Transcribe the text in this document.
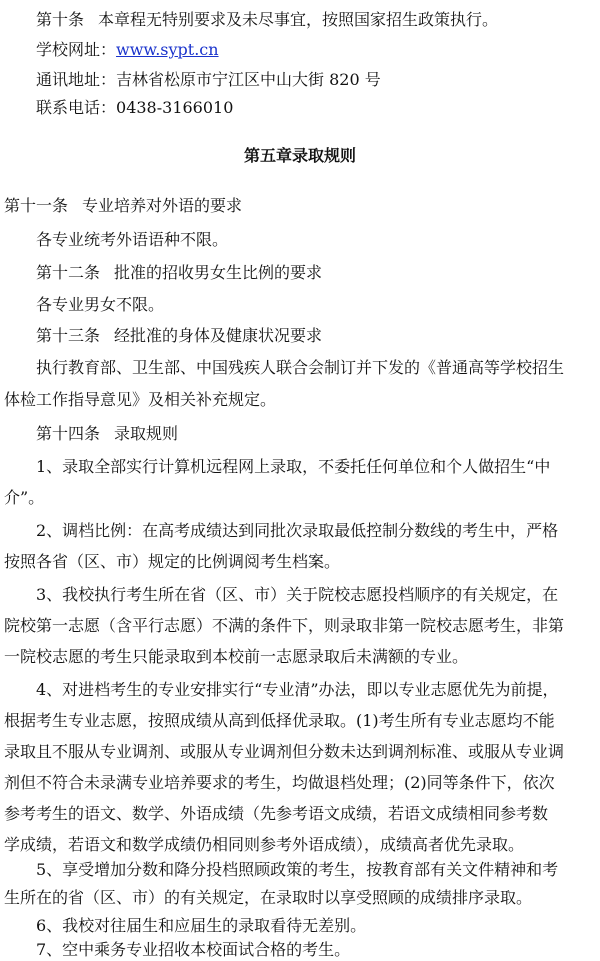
第十条 本章程无特别要求及未尽事宜，按照国家招生政策执行。
学校网址：www.sypt.cn
通讯地址：吉林省松原市宁江区中山大街 820 号
联系电话：0438-3166010
第五章录取规则
第十一条 专业培养对外语的要求
各专业统考外语语种不限。
第十二条 批准的招收男女生比例的要求
各专业男女不限。
第十三条 经批准的身体及健康状况要求
执行教育部、卫生部、中国残疾人联合会制订并下发的《普通高等学校招生
体检工作指导意见》及相关补充规定。
第十四条 录取规则
1、录取全部实行计算机远程网上录取，不委托任何单位和个人做招生“中
介”。
2、调档比例：在高考成绩达到同批次录取最低控制分数线的考生中，严格
按照各省（区、市）规定的比例调阅考生档案。
3、我校执行考生所在省（区、市）关于院校志愿投档顺序的有关规定，在
院校第一志愿（含平行志愿）不满的条件下，则录取非第一院校志愿考生，非第
一院校志愿的考生只能录取到本校前一志愿录取后未满额的专业。
4、对进档考生的专业安排实行“专业清”办法，即以专业志愿优先为前提，
根据考生专业志愿，按照成绩从高到低择优录取。(1)考生所有专业志愿均不能
录取且不服从专业调剂、或服从专业调剂但分数未达到调剂标准、或服从专业调
剂但不符合未录满专业培养要求的考生，均做退档处理；(2)同等条件下，依次
参考考生的语文、数学、外语成绩（先参考语文成绩，若语文成绩相同参考数
学成绩，若语文和数学成绩仍相同则参考外语成绩），成绩高者优先录取。
5、享受增加分数和降分投档照顾政策的考生，按教育部有关文件精神和考
生所在的省（区、市）的有关规定，在录取时以享受照顾的成绩排序录取。
6、我校对往届生和应届生的录取看待无差别。
7、空中乘务专业招收本校面试合格的考生。
